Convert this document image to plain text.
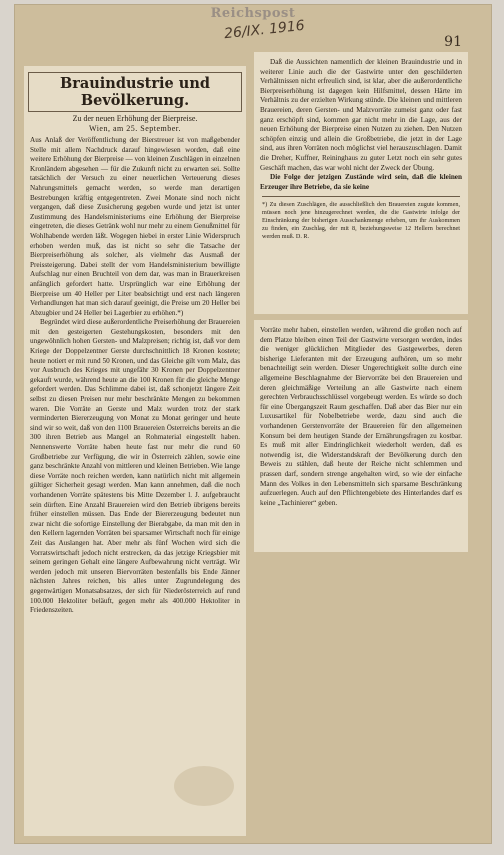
Reichspost
26/IX. 1916	91
Brauindustrie und Bevölkerung.
Zu der neuen Erhöhung der Bierpreise.
Wien, am 25. September.

Aus Anlaß der Veröffentlichung der Bierstreuer ist von maßgebender Stelle mit allem Nachdruck darauf hingewiesen worden, daß eine weitere Erhöhung der Bierpreise — von kleinen Zuschlägen in einzelnen Kronländern abgesehen — für die Zukunft nicht zu erwarten sei. Sollte tatsächlich der Versuch zu einer neuerlichen Verteuerung dieses Nahrungsmittels gemacht werden, so werde man derartigen Bestrebungen kräftig entgegentreten. Zwei Monate sind noch nicht vergangen, daß diese Zusicherung gegeben wurde und jetzt ist unter Zustimmung des Handelsministeriums eine Erhöhung der Bierpreise eingetreten, die dieses Getränk wohl nur mehr zu einem Genußmittel für Wohlhabende werden läßt. Wogegen hiebei in erster Linie Widerspruch erhoben werden muß, das ist nicht so sehr die Tatsache der Bierpreiserhöhung als solcher, als vielmehr das Ausmaß der Preissteigerung. Dabei stellt der vom Handelsministerium bewilligte Aufschlag nur einen Bruchteil von dem dar, was man in Brauerkreisen anfänglich gefordert hatte. Ursprünglich war eine Erhöhung der Bierpreise um 40 Heller per Liter beabsichtigt und erst nach längeren Verhandlungen hat man sich darauf geeinigt, die Preise um 20 Heller bei Abzugbier und 24 Heller bei Lagerbier zu erhöhen.*)

Begründet wird diese außerordentliche Preiserhöhung der Brauereien mit den gesteigerten Gestehungskosten, besonders mit den ungewöhnlich hohen Gersten- und Malzpreisen; richtig ist, daß vor dem Kriege der Doppelzentner Gerste durchschnittlich 18 Kronen kostete; heute notiert er mit rund 50 Kronen, und das Gleiche gilt vom Malz, das vor Ausbruch des Krieges mit ungefähr 30 Kronen per Doppelzentner gekauft wurde, während heute an die 100 Kronen für die gleiche Menge gefordert werden. Das Schlimme dabei ist, daß schonjetzt längere Zeit selbst zu diesen Preisen nur mehr beschränkte Mengen zu bekommen waren. Die Vorräte an Gerste und Malz wurden trotz der stark verminderten Biererzeugung von Monat zu Monat geringer und heute sind wir so weit, daß von den 1100 Brauereien Österreichs bereits an die 300 ihren Betrieb aus Mangel an Rohmaterial eingestellt haben. Nennenswerte Vorräte haben heute fast nur mehr die rund 60 Großbetriebe zur Verfügung, die wir in Österreich zählen, sowie eine ganz beschränkte Anzahl von mittleren und kleinen Betrieben. Wie lange diese Vorräte noch reichen werden, kann natürlich nicht mit allgemein gültiger Sicherheit gesagt werden. Man kann annehmen, daß die noch vorhandenen Vorräte spätestens bis Mitte Dezember l. J. aufgebraucht sein dürften. Eine Anzahl Brauereien wird den Betrieb übrigens bereits früher einstellen müssen. Das Ende der Biererzeugung bedeutet nun zwar nicht die sofortige Einstellung der Bierabgabe, da man mit den in den Kellern lagernden Vorräten bei sparsamer Wirtschaft noch für einige Zeit das Auslangen hat. Aber mehr als fünf Wochen wird sich die Vorratswirtschaft jedoch nicht erstrecken, da das jetzige Kriegsbier mit seinem geringen Gehalt eine längere Aufbewahrung nicht verträgt. Wir werden jedoch mit unseren Biervorräten bestenfalls bis Ende Jänner nächsten Jahres reichen, bis alles unter Zugrundelegung des gegenwärtigen Monatsabsatzes, der sich für Niederösterreich auf rund 100.000 Hektoliter beläuft, gegen mehr als 400.000 Hektoliter in Friedenszeiten.

Daß die Aussichten namentlich der kleinen Brauindustrie und in weiterer Linie auch die der Gastwirte unter den geschilderten Verhältnissen nicht erfreulich sind, ist klar, aber die außerordentliche Bierpreiserhöhung ist dagegen kein Hilfsmittel, dessen Härte im Verhältnis zu der erzielten Wirkung stünde. Die kleinen und mittleren Brauereien, deren Gersten- und Malzvorräte zumeist ganz oder fast ganz erschöpft sind, kommen gar nicht mehr in die Lage, aus der neuen Erhöhung der Bierpreise einen Nutzen zu ziehen. Den Nutzen schöpfen einzig und allein die Großbetriebe, die jetzt in der Lage sind, aus ihren Vorräten noch möglichst viel herauszuschlagen. Damit die Dreher, Kuffner, Reininghaus zu guter Letzt noch ein sehr gutes Geschäft machen, das war wohl nicht der Zweck der Übung.

Die Folge der jetzigen Zustände wird sein, daß die kleinen Erzeuger ihre Betriebe, da sie keine

*) Zu diesen Zuschlägen, die ausschließlich den Brauereien zugute kommen, müssen noch jene hinzugerechnet werden, die die Gastwirte infolge der Einschränkung der bisherigen Ausschankmenge erheben, um ihr Auskommen zu finden, ein Zuschlag, der mit 8, beziehungsweise 12 Hellern berechnet werden muß. D. R.

Vorräte mehr haben, einstellen werden, während die großen noch auf dem Platze bleiben einen Teil der Gastwirte versorgen werden, indes die weniger glücklichen Mitglieder des Gastgewerbes, deren bisherige Lieferanten mit der Erzeugung aufhören, um so mehr benachteiligt sein werden. Dieser Ungerechtigkeit sollte durch eine allgemeine Beschlagnahme der Biervorräte bei den Brauereien und deren gleichmäßige Verteilung an alle Gastwirte nach einem gerechten Verbrauchsschlüssel vorgebeugt werden. Es würde so doch für eine Übergangszeit Raum geschaffen. Daß aber das Bier nur ein Luxusartikel für Nobelbetriebe werde, dazu sind auch die vorhandenen Gerstenvorräte der Brauereien für den allgemeinen Konsum bei dem heutigen Stande der Ernährungsfragen zu kostbar. Es muß mit aller Eindringlichkeit wiederholt werden, daß es notwendig ist, die Widerstandskraft der Bevölkerung durch den Beweis zu stählen, daß heute der Reiche nicht schlemmen und prassen darf, sondern strenge angehalten wird, so wie der einfache Mann des Volkes in den Lebensmitteln sich sparsame Beschränkung aufzuerlegen. Auch auf den Pflichtengebiete des Hinterlandes darf es keine „Tachinierer“ geben.
